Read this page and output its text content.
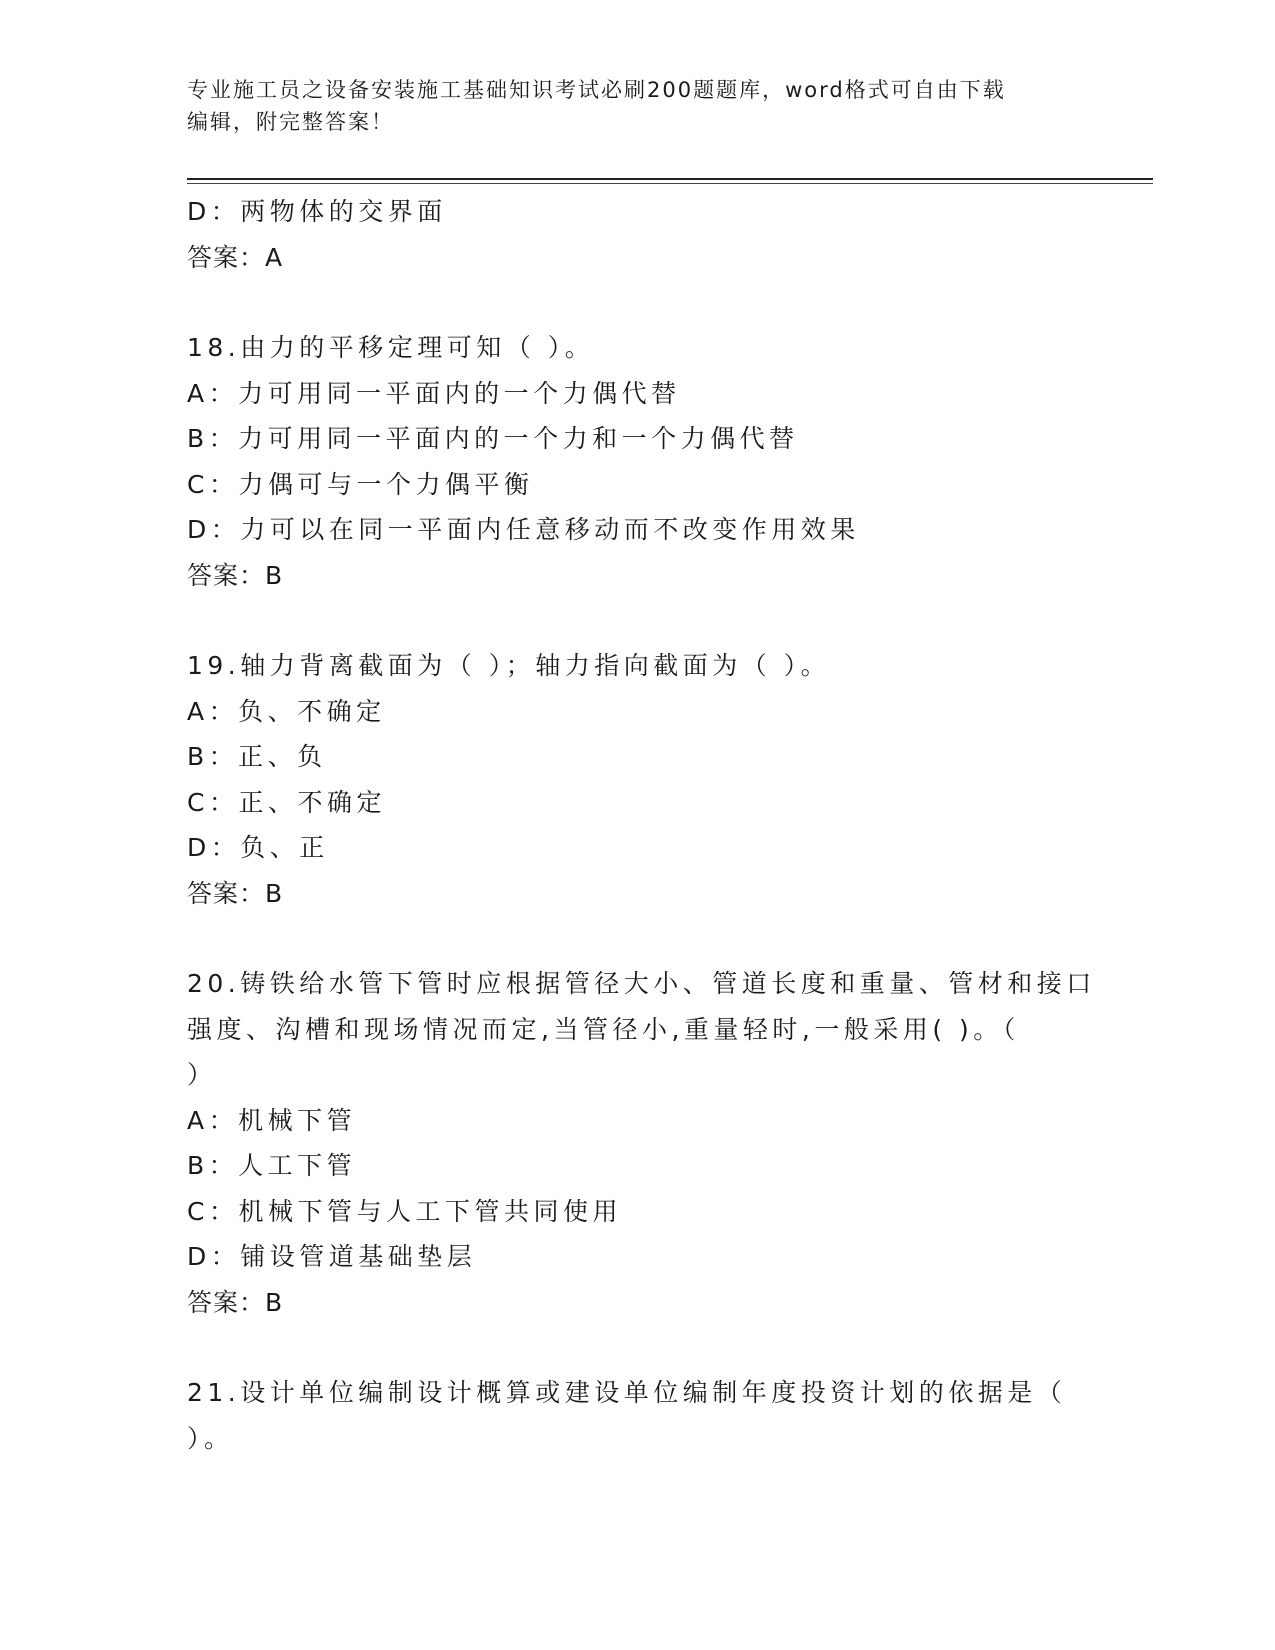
专业施工员之设备安装施工基础知识考试必刷200题题库，word格式可自由下载
编辑，附完整答案！

D：两物体的交界面

答案：A

18.由力的平移定理可知（ ）。

A：力可用同一平面内的一个力偶代替

B：力可用同一平面内的一个力和一个力偶代替

C：力偶可与一个力偶平衡

D：力可以在同一平面内任意移动而不改变作用效果

答案：B

19.轴力背离截面为（ ）；轴力指向截面为（ ）。

A：负、不确定

B：正、负

C：正、不确定

D：负、正

答案：B

20.铸铁给水管下管时应根据管径大小、管道长度和重量、管材和接口

强度、沟槽和现场情况而定,当管径小,重量轻时,一般采用( )。（

）

A：机械下管

B：人工下管

C：机械下管与人工下管共同使用

D：铺设管道基础垫层

答案：B

21.设计单位编制设计概算或建设单位编制年度投资计划的依据是（

）。
